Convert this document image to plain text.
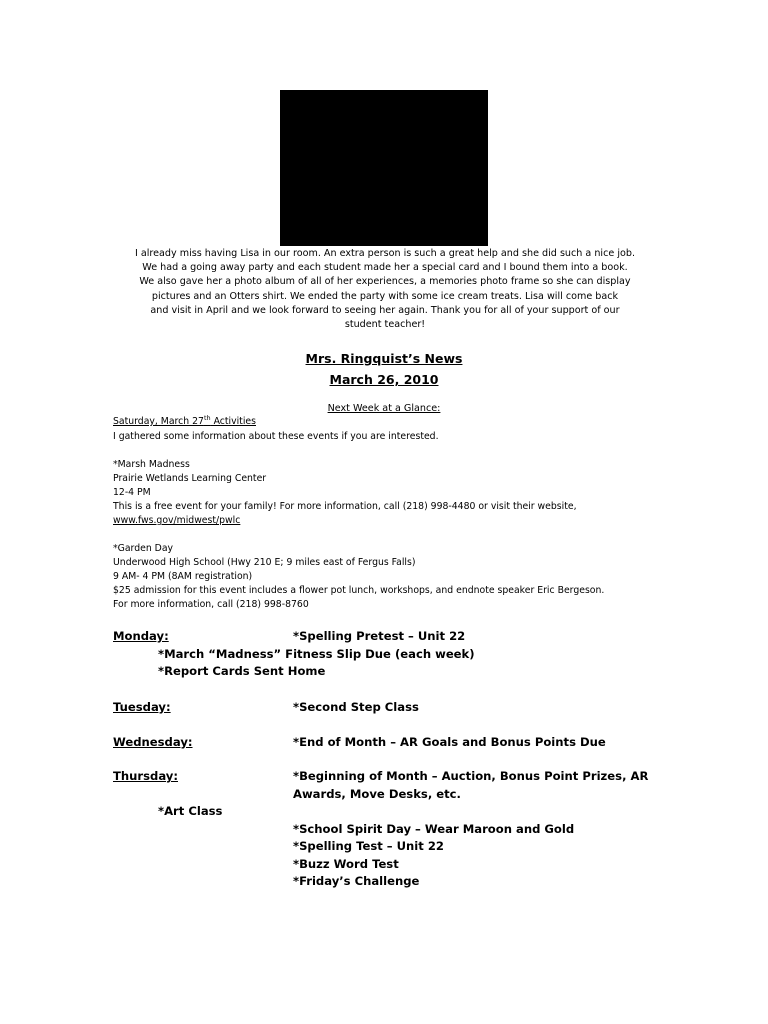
I already miss having Lisa in our room. An extra person is such a great help and she did such a nice job.
We had a going away party and each student made her a special card and I bound them into a book.
We also gave her a photo album of all of her experiences, a memories photo frame so she can display
pictures and an Otters shirt. We ended the party with some ice cream treats. Lisa will come back
and visit in April and we look forward to seeing her again. Thank you for all of your support of our
student teacher!
Mrs. Ringquist’s News
March 26, 2010
Next Week at a Glance:
Saturday, March 27th Activities
I gathered some information about these events if you are interested.
*Marsh Madness
Prairie Wetlands Learning Center
12-4 PM
This is a free event for your family! For more information, call (218) 998-4480 or visit their website,
www.fws.gov/midwest/pwlc
*Garden Day
Underwood High School (Hwy 210 E; 9 miles east of Fergus Falls)
9 AM- 4 PM (8AM registration)
$25 admission for this event includes a flower pot lunch, workshops, and endnote speaker Eric Bergeson.
For more information, call (218) 998-8760
Monday:	*Spelling Pretest – Unit 22
*March “Madness” Fitness Slip Due (each week)
*Report Cards Sent Home
Tuesday:	*Second Step Class
Wednesday:	*End of Month – AR Goals and Bonus Points Due
Thursday:	*Beginning of Month – Auction, Bonus Point Prizes, AR
Awards, Move Desks, etc.
*Art Class
*School Spirit Day – Wear Maroon and Gold
*Spelling Test – Unit 22
*Buzz Word Test
*Friday’s Challenge
